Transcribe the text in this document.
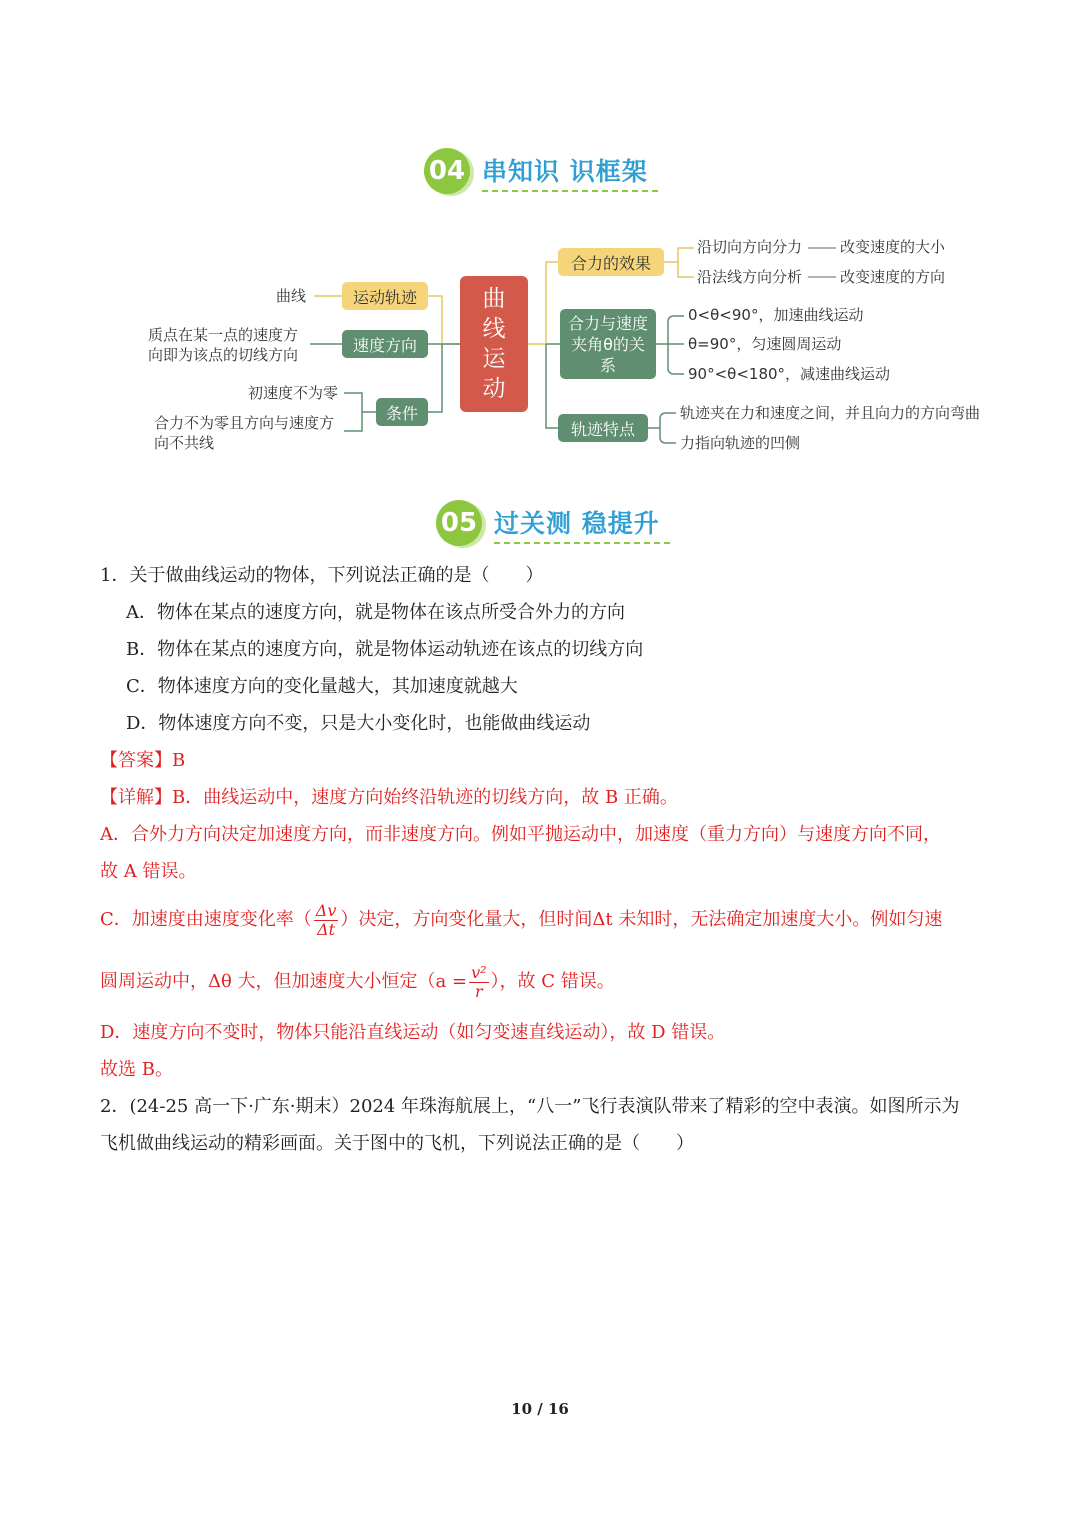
04 串知识 识框架
曲
线
运
动
运动轨迹
曲线
速度方向
质点在某一点的速度方向即为该点的切线方向
条件
初速度不为零
合力不为零且方向与速度方向不共线
合力的效果
沿切向方向分力	改变速度的大小
沿法线方向分析	改变速度的方向
合力与速度夹角θ的关系
0<θ<90°，加速曲线运动
θ=90°，匀速圆周运动
90°<θ<180°，减速曲线运动
轨迹特点
轨迹夹在力和速度之间，并且向力的方向弯曲
力指向轨迹的凹侧
05 过关测 稳提升
1．关于做曲线运动的物体，下列说法正确的是（　　）
A．物体在某点的速度方向，就是物体在该点所受合外力的方向
B．物体在某点的速度方向，就是物体运动轨迹在该点的切线方向
C．物体速度方向的变化量越大，其加速度就越大
D．物体速度方向不变，只是大小变化时，也能做曲线运动
【答案】B
【详解】B．曲线运动中，速度方向始终沿轨迹的切线方向，故 B 正确。
A．合外力方向决定加速度方向，而非速度方向。例如平抛运动中，加速度（重力方向）与速度方向不同，
故 A 错误。
C．加速度由速度变化率（ $\frac{\Delta v}{\Delta t}$ ）决定，方向变化量大，但时间Δt 未知时，无法确定加速度大小。例如匀速
圆周运动中，Δθ 大，但加速度大小恒定（$a = \frac{\text{v²}}{r}$ ），故 C 错误。
D．速度方向不变时，物体只能沿直线运动（如匀变速直线运动），故 D 错误。
故选 B。
2．(24-25 高一下·广东·期末）2024 年珠海航展上，“八一”飞行表演队带来了精彩的空中表演。如图所示为
飞机做曲线运动的精彩画面。关于图中的飞机，下列说法正确的是（　　）
10 / 16
